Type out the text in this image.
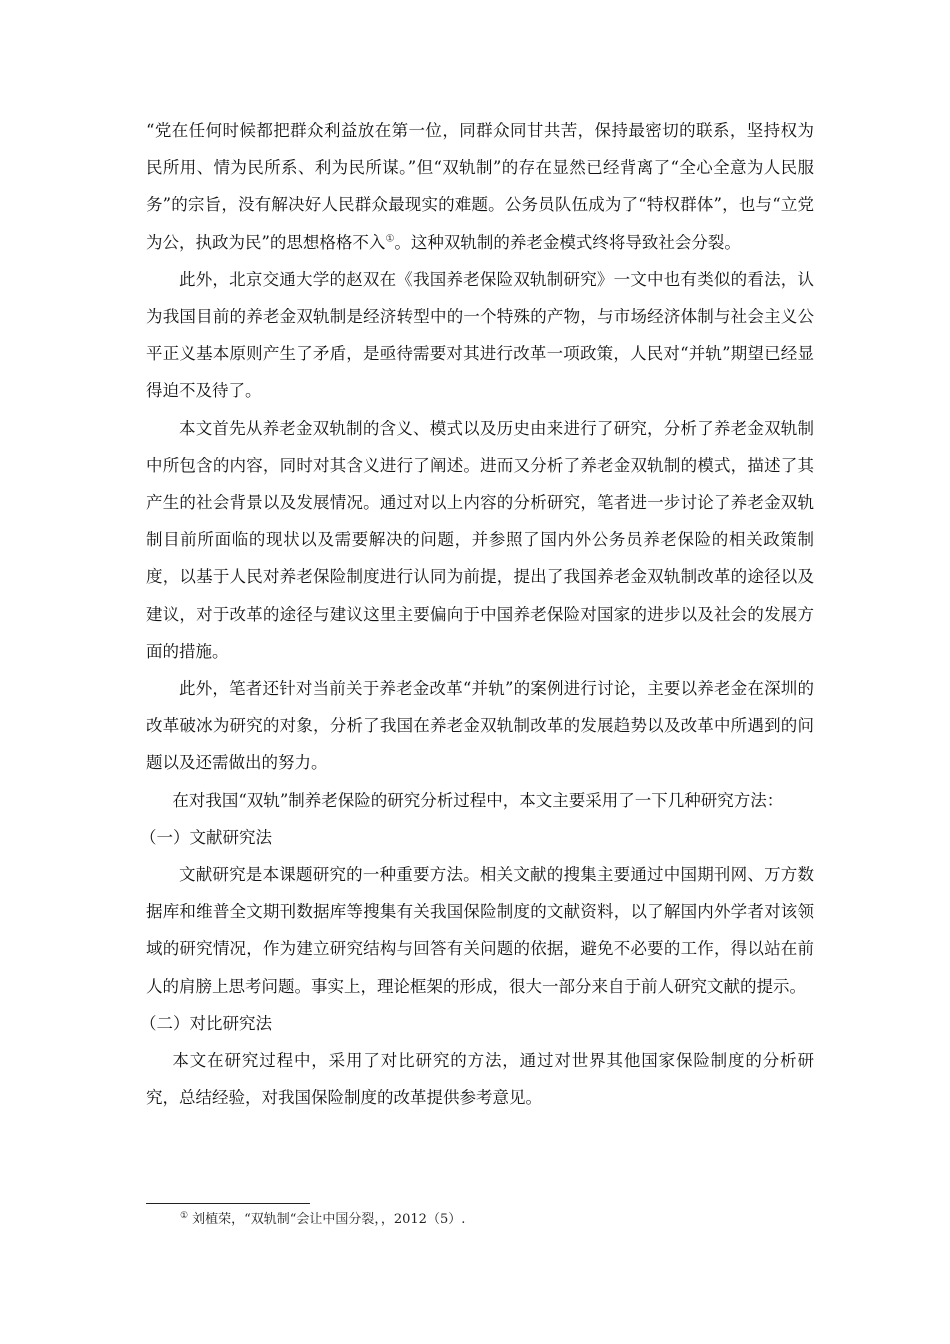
“党在任何时候都把群众利益放在第一位，同群众同甘共苦，保持最密切的联系，坚持权为民所用、情为民所系、利为民所谋。”但“双轨制”的存在显然已经背离了“全心全意为人民服务”的宗旨，没有解决好人民群众最现实的难题。公务员队伍成为了“特权群体”，也与“立党为公，执政为民”的思想格格不入①。这种双轨制的养老金模式终将导致社会分裂。

此外，北京交通大学的赵双在《我国养老保险双轨制研究》一文中也有类似的看法，认为我国目前的养老金双轨制是经济转型中的一个特殊的产物，与市场经济体制与社会主义公平正义基本原则产生了矛盾，是亟待需要对其进行改革一项政策，人民对“并轨”期望已经显得迫不及待了。

本文首先从养老金双轨制的含义、模式以及历史由来进行了研究，分析了养老金双轨制中所包含的内容，同时对其含义进行了阐述。进而又分析了养老金双轨制的模式，描述了其产生的社会背景以及发展情况。通过对以上内容的分析研究，笔者进一步讨论了养老金双轨制目前所面临的现状以及需要解决的问题，并参照了国内外公务员养老保险的相关政策制度，以基于人民对养老保险制度进行认同为前提，提出了我国养老金双轨制改革的途径以及建议，对于改革的途径与建议这里主要偏向于中国养老保险对国家的进步以及社会的发展方面的措施。

此外，笔者还针对当前关于养老金改革“并轨”的案例进行讨论，主要以养老金在深圳的改革破冰为研究的对象，分析了我国在养老金双轨制改革的发展趋势以及改革中所遇到的问题以及还需做出的努力。

在对我国“双轨”制养老保险的研究分析过程中，本文主要采用了一下几种研究方法：

（一）文献研究法

文献研究是本课题研究的一种重要方法。相关文献的搜集主要通过中国期刊网、万方数据库和维普全文期刊数据库等搜集有关我国保险制度的文献资料，以了解国内外学者对该领域的研究情况，作为建立研究结构与回答有关问题的依据，避免不必要的工作，得以站在前人的肩膀上思考问题。事实上，理论框架的形成，很大一部分来自于前人研究文献的提示。

（二）对比研究法

本文在研究过程中，采用了对比研究的方法，通过对世界其他国家保险制度的分析研究，总结经验，对我国保险制度的改革提供参考意见。

① 刘植荣，“双轨制“会让中国分裂，，2012（5）.
